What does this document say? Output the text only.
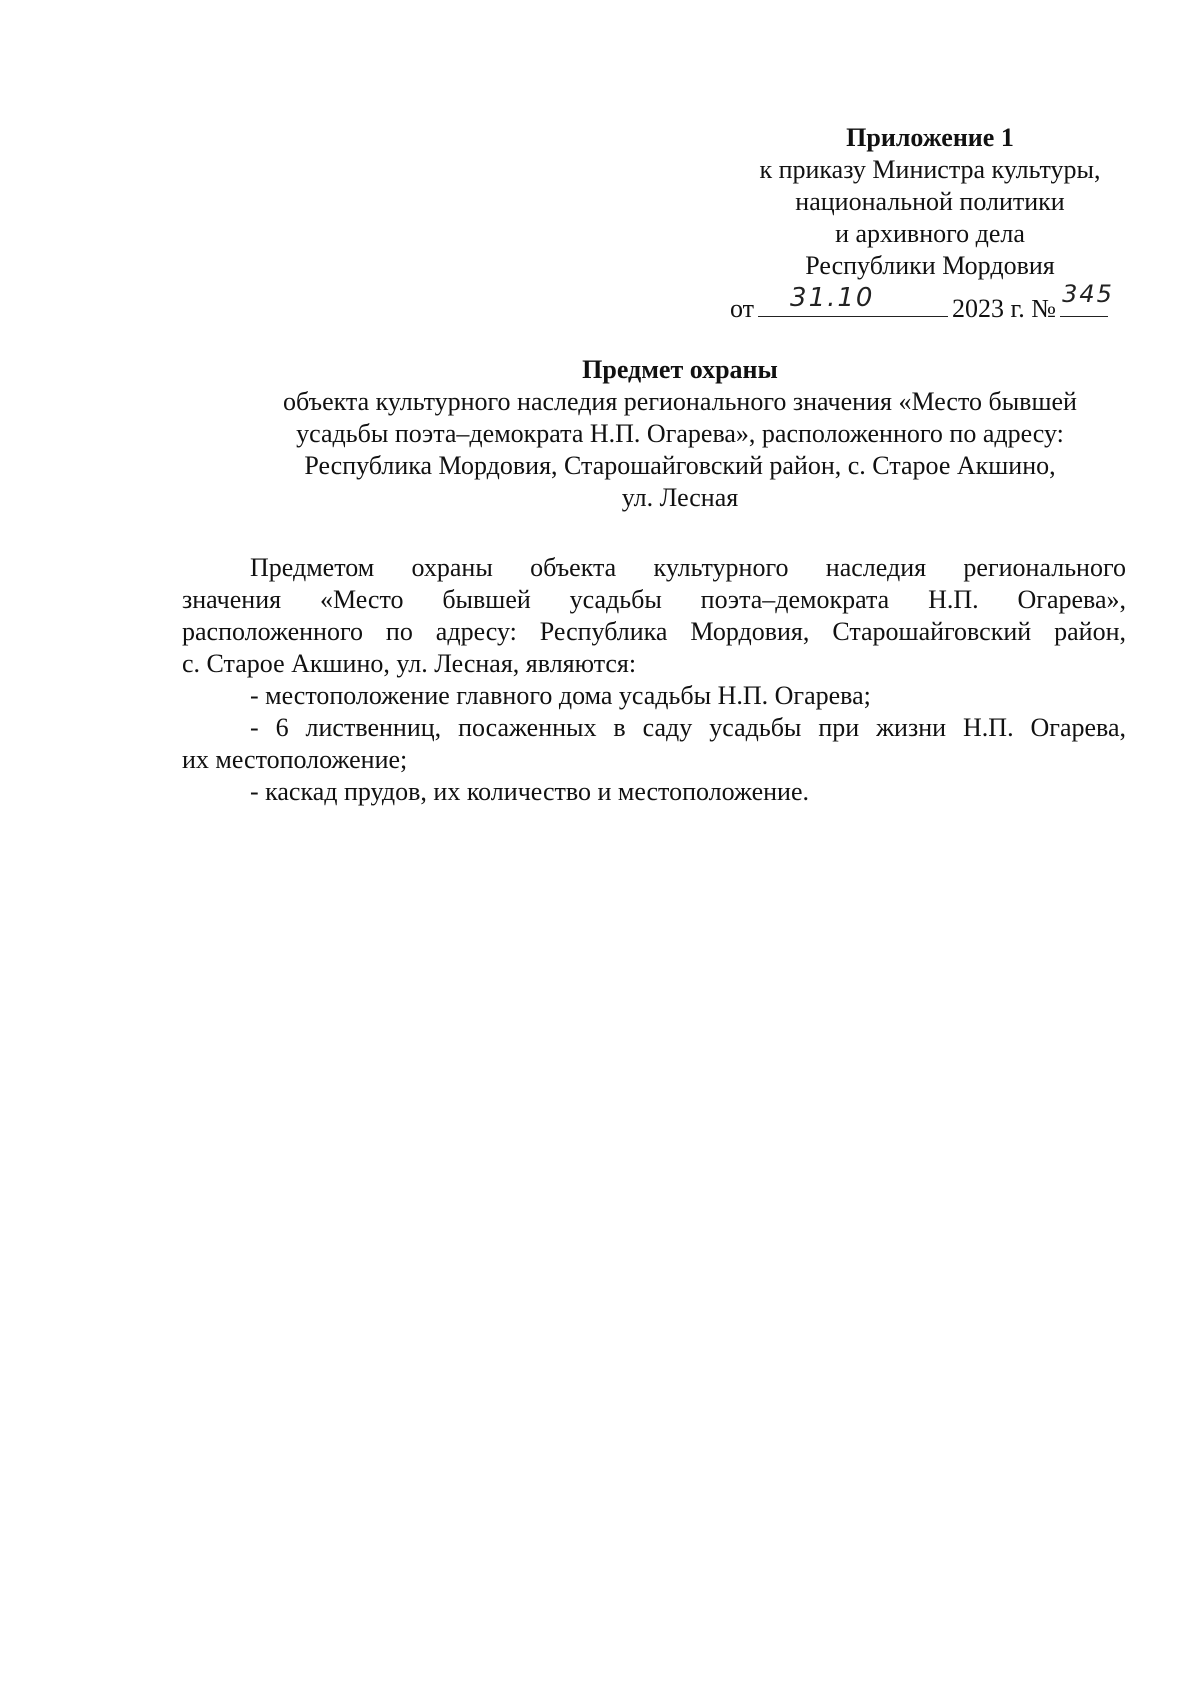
Приложение 1
к приказу Министра культуры,
национальной политики
и архивного дела
Республики Мордовия
от 31.10	2023 г. № 345
Предмет охраны
объекта культурного наследия регионального значения «Место бывшей
усадьбы поэта–демократа Н.П. Огарева», расположенного по адресу:
Республика Мордовия, Старошайговский район, с. Старое Акшино,
ул. Лесная
Предметом охраны объекта культурного наследия регионального
значения «Место бывшей усадьбы поэта–демократа Н.П. Огарева»,
расположенного по адресу: Республика Мордовия, Старошайговский район,
с. Старое Акшино, ул. Лесная, являются:
- местоположение главного дома усадьбы Н.П. Огарева;
- 6 лиственниц, посаженных в саду усадьбы при жизни Н.П. Огарева,
их местоположение;
- каскад прудов, их количество и местоположение.
